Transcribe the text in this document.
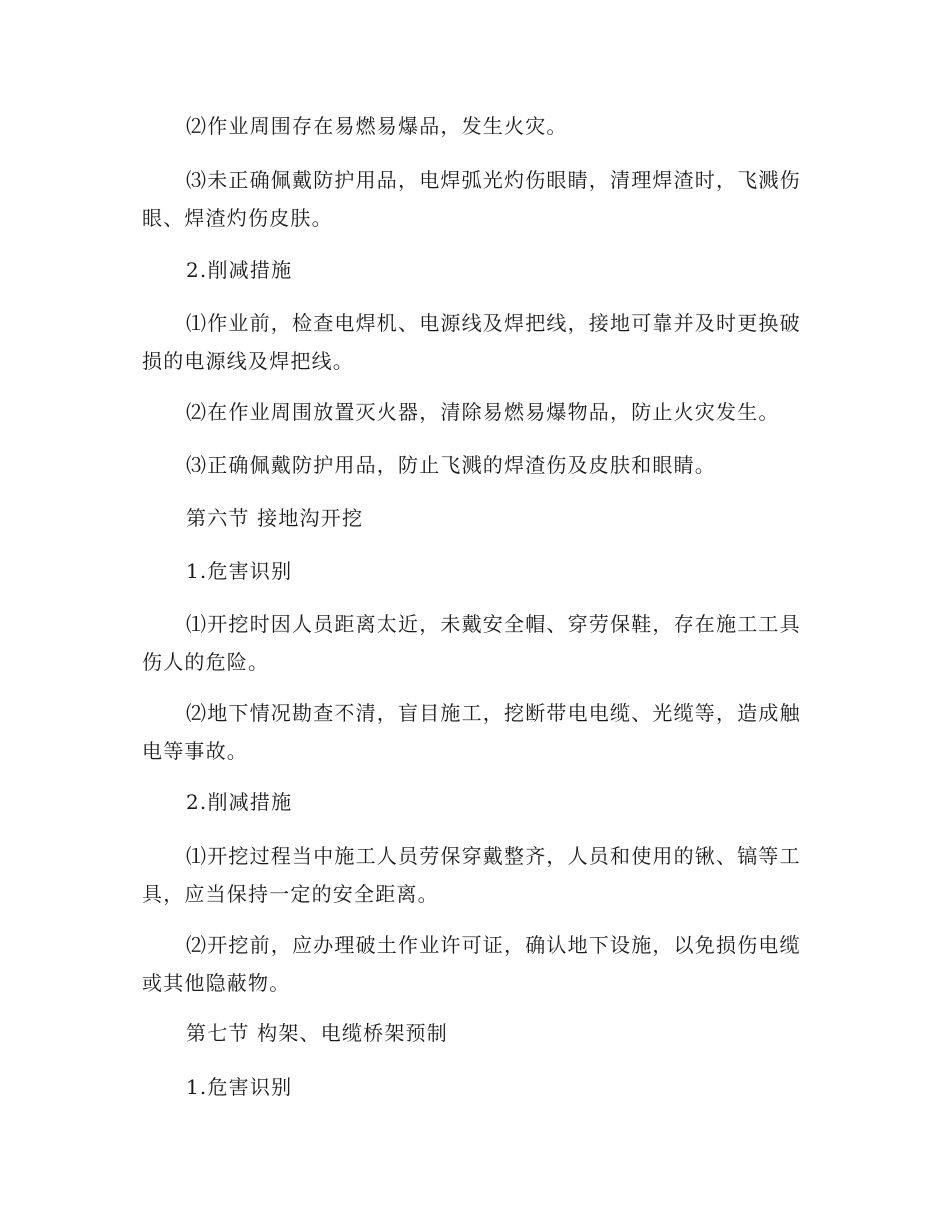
⑵作业周围存在易燃易爆品，发生火灾。

⑶未正确佩戴防护用品，电焊弧光灼伤眼睛，清理焊渣时，飞溅伤眼、焊渣灼伤皮肤。

2.削减措施

⑴作业前，检查电焊机、电源线及焊把线，接地可靠并及时更换破损的电源线及焊把线。

⑵在作业周围放置灭火器，清除易燃易爆物品，防止火灾发生。

⑶正确佩戴防护用品，防止飞溅的焊渣伤及皮肤和眼睛。

第六节 接地沟开挖

1.危害识别

⑴开挖时因人员距离太近，未戴安全帽、穿劳保鞋，存在施工工具伤人的危险。

⑵地下情况勘查不清，盲目施工，挖断带电电缆、光缆等，造成触电等事故。

2.削减措施

⑴开挖过程当中施工人员劳保穿戴整齐，人员和使用的锹、镐等工具，应当保持一定的安全距离。

⑵开挖前，应办理破土作业许可证，确认地下设施，以免损伤电缆或其他隐蔽物。

第七节 构架、电缆桥架预制

1.危害识别
